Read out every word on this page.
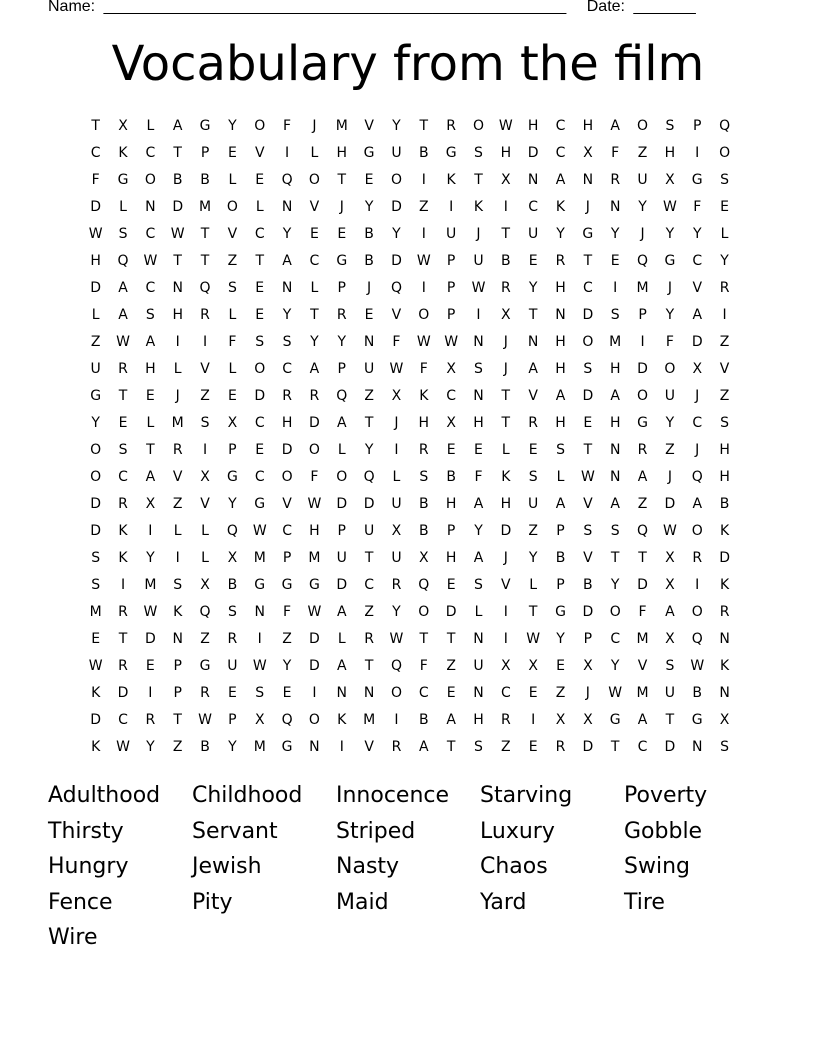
Name: ____________________________________________________ Date: _______
Vocabulary from the film
T	X	L	A	G	Y	O	F	J	M	V	Y	T	R	O	W	H	C	H	A	O	S	P	Q
C	K	C	T	P	E	V	I	L	H	G	U	B	G	S	H	D	C	X	F	Z	H	I	O
F	G	O	B	B	L	E	Q	O	T	E	O	I	K	T	X	N	A	N	R	U	X	G	S
D	L	N	D	M	O	L	N	V	J	Y	D	Z	I	K	I	C	K	J	N	Y	W	F	E
W	S	C	W	T	V	C	Y	E	E	B	Y	I	U	J	T	U	Y	G	Y	J	Y	Y	L
H	Q	W	T	T	Z	T	A	C	G	B	D	W	P	U	B	E	R	T	E	Q	G	C	Y
D	A	C	N	Q	S	E	N	L	P	J	Q	I	P	W	R	Y	H	C	I	M	J	V	R
L	A	S	H	R	L	E	Y	T	R	E	V	O	P	I	X	T	N	D	S	P	Y	A	I
Z	W	A	I	I	F	S	S	Y	Y	N	F	W W	N	J	N	H	O	M	I	F	D	Z
U	R	H	L	V	L	O	C	A	P	U	W	F	X	S	J	A	H	S	H	D	O	X	V
G	T	E	J	Z	E	D	R	R	Q	Z	X	K	C	N	T	V	A	D	A	O	U	J	Z
Y	E	L	M	S	X	C	H	D	A	T	J	H	X	H	T	R	H	E	H	G	Y	C	S
O	S	T	R	I	P	E	D	O	L	Y	I	R	E	E	L	E	S	T	N	R	Z	J	H
O	C	A	V	X	G	C	O	F	O	Q	L	S	B	F	K	S	L	W	N	A	J	Q	H
D	R	X	Z	V	Y	G	V	W	D	D	U	B	H	A	H	U	A	V	A	Z	D	A	B
D	K	I	L	L	Q	W	C	H	P	U	X	B	P	Y	D	Z	P	S	S	Q	W	O	K
S	K	Y	I	L	X	M	P	M	U	T	U	X	H	A	J	Y	B	V	T	T	X	R	D
S	I	M	S	X	B	G	G	G	D	C	R	Q	E	S	V	L	P	B	Y	D	X	I	K
M	R	W	K	Q	S	N	F	W	A	Z	Y	O	D	L	I	T	G	D	O	F	A	O	R
E	T	D	N	Z	R	I	Z	D	L	R	W	T	T	N	I	W	Y	P	C	M	X	Q	N
W	R	E	P	G	U	W	Y	D	A	T	Q	F	Z	U	X	X	E	X	Y	V	S	W	K
K	D	I	P	R	E	S	E	I	N	N	O	C	E	N	C	E	Z	J	W	M	U	B	N
D	C	R	T	W	P	X	Q	O	K	M	I	B	A	H	R	I	X	X	G	A	T	G	X
K	W	Y	Z	B	Y	M	G	N	I	V	R	A	T	S	Z	E	R	D	T	C	D	N	S
Adulthood	Childhood	Innocence	Starving	Poverty
Thirsty	Servant	Striped	Luxury	Gobble
Hungry	Jewish	Nasty	Chaos	Swing
Fence	Pity	Maid	Yard	Tire
Wire
